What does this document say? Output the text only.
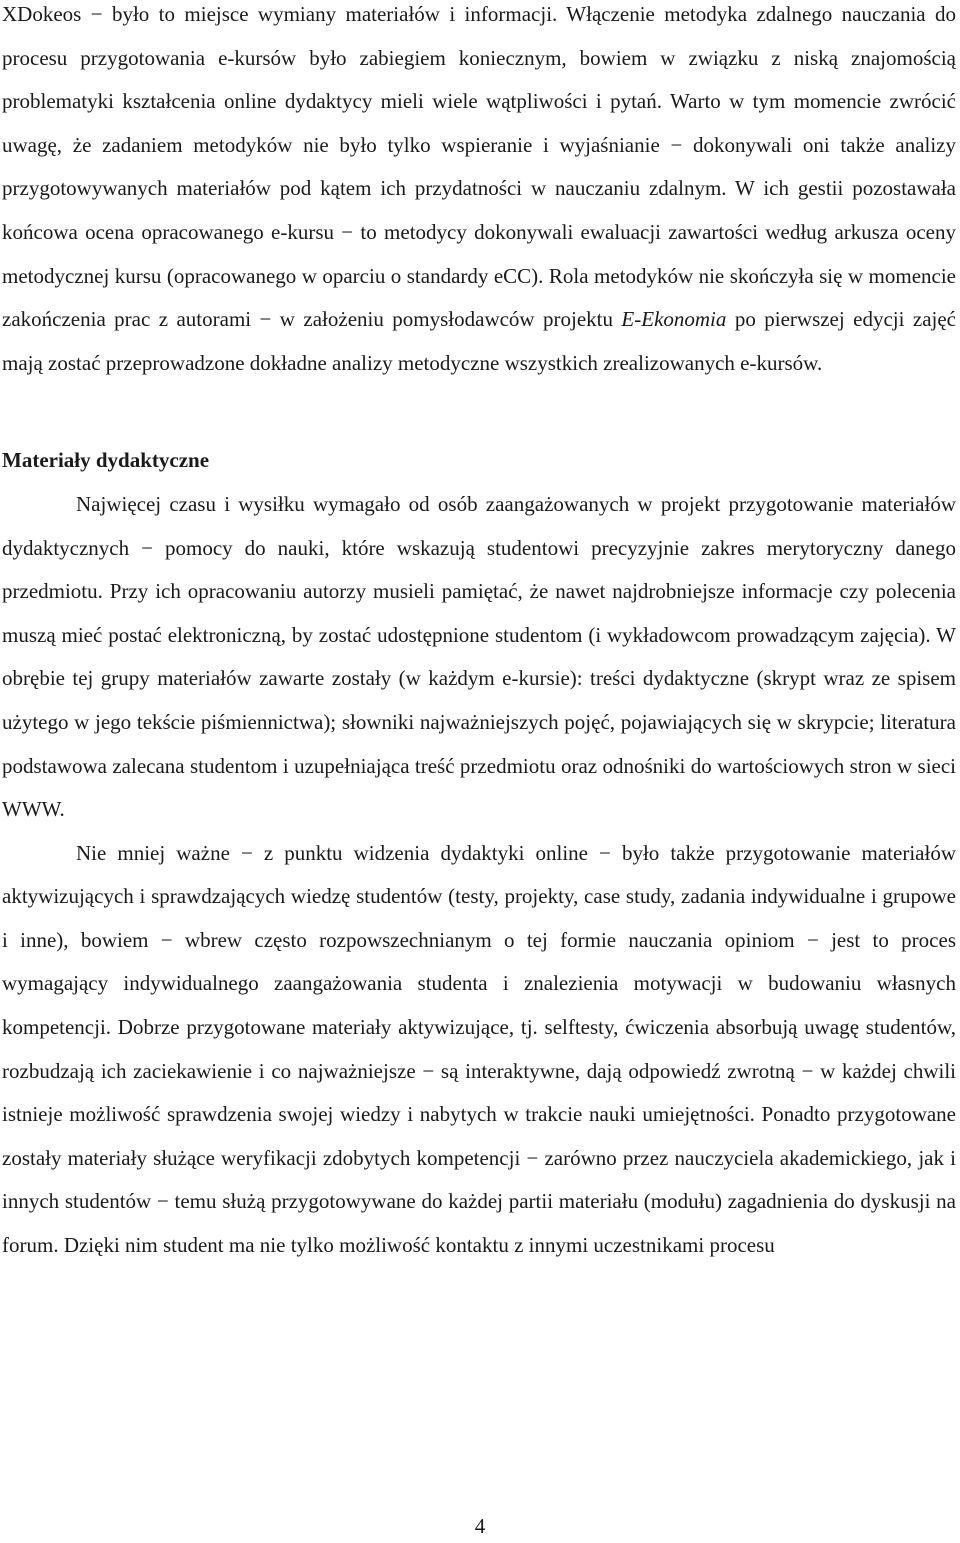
XDokeos − było to miejsce wymiany materiałów i informacji. Włączenie metodyka zdalnego nauczania do procesu przygotowania e-kursów było zabiegiem koniecznym, bowiem w związku z niską znajomością problematyki kształcenia online dydaktycy mieli wiele wątpliwości i pytań. Warto w tym momencie zwrócić uwagę, że zadaniem metodyków nie było tylko wspieranie i wyjaśnianie − dokonywali oni także analizy przygotowywanych materiałów pod kątem ich przydatności w nauczaniu zdalnym. W ich gestii pozostawała końcowa ocena opracowanego e-kursu − to metodycy dokonywali ewaluacji zawartości według arkusza oceny metodycznej kursu (opracowanego w oparciu o standardy eCC). Rola metodyków nie skończyła się w momencie zakończenia prac z autorami − w założeniu pomysłodawców projektu E-Ekonomia po pierwszej edycji zajęć mają zostać przeprowadzone dokładne analizy metodyczne wszystkich zrealizowanych e-kursów.

Materiały dydaktyczne

Najwięcej czasu i wysiłku wymagało od osób zaangażowanych w projekt przygotowanie materiałów dydaktycznych − pomocy do nauki, które wskazują studentowi precyzyjnie zakres merytoryczny danego przedmiotu. Przy ich opracowaniu autorzy musieli pamiętać, że nawet najdrobniejsze informacje czy polecenia muszą mieć postać elektroniczną, by zostać udostępnione studentom (i wykładowcom prowadzącym zajęcia). W obrębie tej grupy materiałów zawarte zostały (w każdym e-kursie): treści dydaktyczne (skrypt wraz ze spisem użytego w jego tekście piśmiennictwa); słowniki najważniejszych pojęć, pojawiających się w skrypcie; literatura podstawowa zalecana studentom i uzupełniająca treść przedmiotu oraz odnośniki do wartościowych stron w sieci WWW.

Nie mniej ważne − z punktu widzenia dydaktyki online − było także przygotowanie materiałów aktywizujących i sprawdzających wiedzę studentów (testy, projekty, case study, zadania indywidualne i grupowe i inne), bowiem − wbrew często rozpowszechnianym o tej formie nauczania opiniom − jest to proces wymagający indywidualnego zaangażowania studenta i znalezienia motywacji w budowaniu własnych kompetencji. Dobrze przygotowane materiały aktywizujące, tj. selftesty, ćwiczenia absorbują uwagę studentów, rozbudzają ich zaciekawienie i co najważniejsze − są interaktywne, dają odpowiedź zwrotną − w każdej chwili istnieje możliwość sprawdzenia swojej wiedzy i nabytych w trakcie nauki umiejętności. Ponadto przygotowane zostały materiały służące weryfikacji zdobytych kompetencji − zarówno przez nauczyciela akademickiego, jak i innych studentów − temu służą przygotowywane do każdej partii materiału (modułu) zagadnienia do dyskusji na forum. Dzięki nim student ma nie tylko możliwość kontaktu z innymi uczestnikami procesu

4
